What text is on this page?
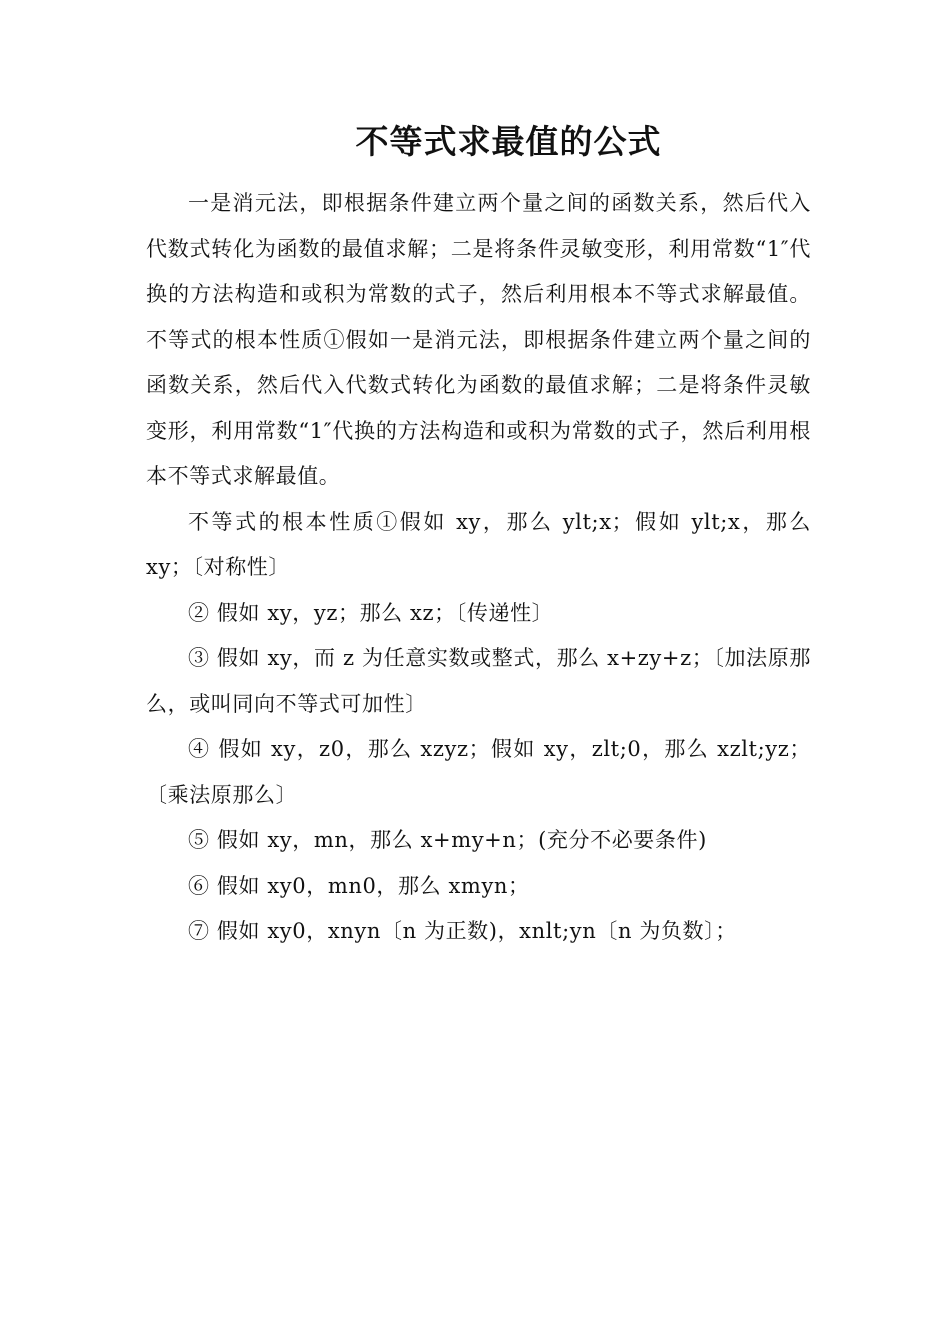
不等式求最值的公式

一是消元法，即根据条件建立两个量之间的函数关系，然后代入代数式转化为函数的最值求解；二是将条件灵敏变形，利用常数“1″代换的方法构造和或积为常数的式子，然后利用根本不等式求解最值。不等式的根本性质①假如一是消元法，即根据条件建立两个量之间的函数关系，然后代入代数式转化为函数的最值求解；二是将条件灵敏变形，利用常数“1″代换的方法构造和或积为常数的式子，然后利用根本不等式求解最值。

不等式的根本性质①假如 xy，那么 ylt;x；假如 ylt;x，那么 xy；〔对称性〕

② 假如 xy，yz；那么 xz；〔传递性〕

③ 假如 xy，而 z 为任意实数或整式，那么 x+zy+z；〔加法原那么，或叫同向不等式可加性〕

④ 假如 xy，z0，那么 xzyz；假如 xy，zlt;0，那么 xzlt;yz；〔乘法原那么〕

⑤ 假如 xy，mn，那么 x+my+n；(充分不必要条件)

⑥ 假如 xy0，mn0，那么 xmyn；

⑦ 假如 xy0，xnyn〔n 为正数)，xnlt;yn〔n 为负数〕；
